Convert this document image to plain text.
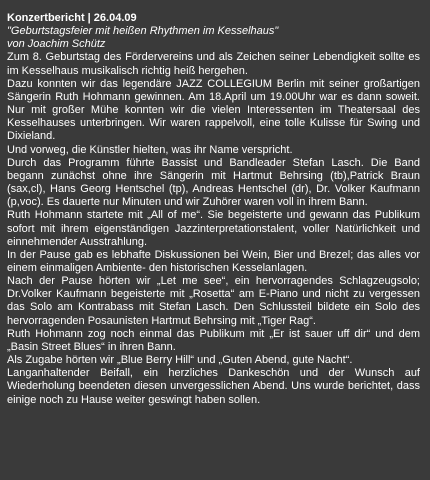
Konzertbericht | 26.04.09

"Geburtstagsfeier mit heißen Rhythmen im Kesselhaus"

von Joachim Schütz

Zum 8. Geburtstag des Fördervereins und als Zeichen seiner Lebendigkeit sollte es im Kesselhaus musikalisch richtig heiß hergehen.

Dazu konnten wir das legendäre JAZZ COLLEGIUM Berlin mit seiner großartigen Sängerin Ruth Hohmann gewinnen. Am 18.April um 19.00Uhr war es dann soweit. Nur mit großer Mühe konnten wir die vielen Interessenten im Theatersaal des Kesselhauses unterbringen. Wir waren rappelvoll, eine tolle Kulisse für Swing und Dixieland.

Und vorweg, die Künstler hielten, was ihr Name verspricht.

Durch das Programm führte Bassist und Bandleader Stefan Lasch. Die Band begann zunächst ohne ihre Sängerin mit Hartmut Behrsing (tb),Patrick Braun (sax,cl), Hans Georg Hentschel (tp), Andreas Hentschel (dr), Dr. Volker Kaufmann (p,voc). Es dauerte nur Minuten und wir Zuhörer waren voll in ihrem Bann.

Ruth Hohmann startete mit „All of me“. Sie begeisterte und gewann das Publikum sofort mit ihrem eigenständigen Jazzinterpretationstalent, voller Natürlichkeit und einnehmender Ausstrahlung.

In der Pause gab es lebhafte Diskussionen bei Wein, Bier und Brezel; das alles vor einem einmaligen Ambiente- den historischen Kesselanlagen.

Nach der Pause hörten wir „Let me see“, ein hervorragendes Schlagzeugsolo; Dr.Volker Kaufmann begeisterte mit „Rosetta“ am E-Piano und nicht zu vergessen das Solo am Kontrabass mit Stefan Lasch. Den Schlussteil bildete ein Solo des hervorragenden Posaunisten Hartmut Behrsing mit „Tiger Rag“.

Ruth Hohmann zog noch einmal das Publikum mit „Er ist sauer uff dir“ und dem „Basin Street Blues“ in ihren Bann.

Als Zugabe hörten wir „Blue Berry Hill“ und „Guten Abend, gute Nacht“.

Langanhaltender Beifall, ein herzliches Dankeschön und der Wunsch auf Wiederholung beendeten diesen unvergesslichen Abend. Uns wurde berichtet, dass einige noch zu Hause weiter geswingt haben sollen.
